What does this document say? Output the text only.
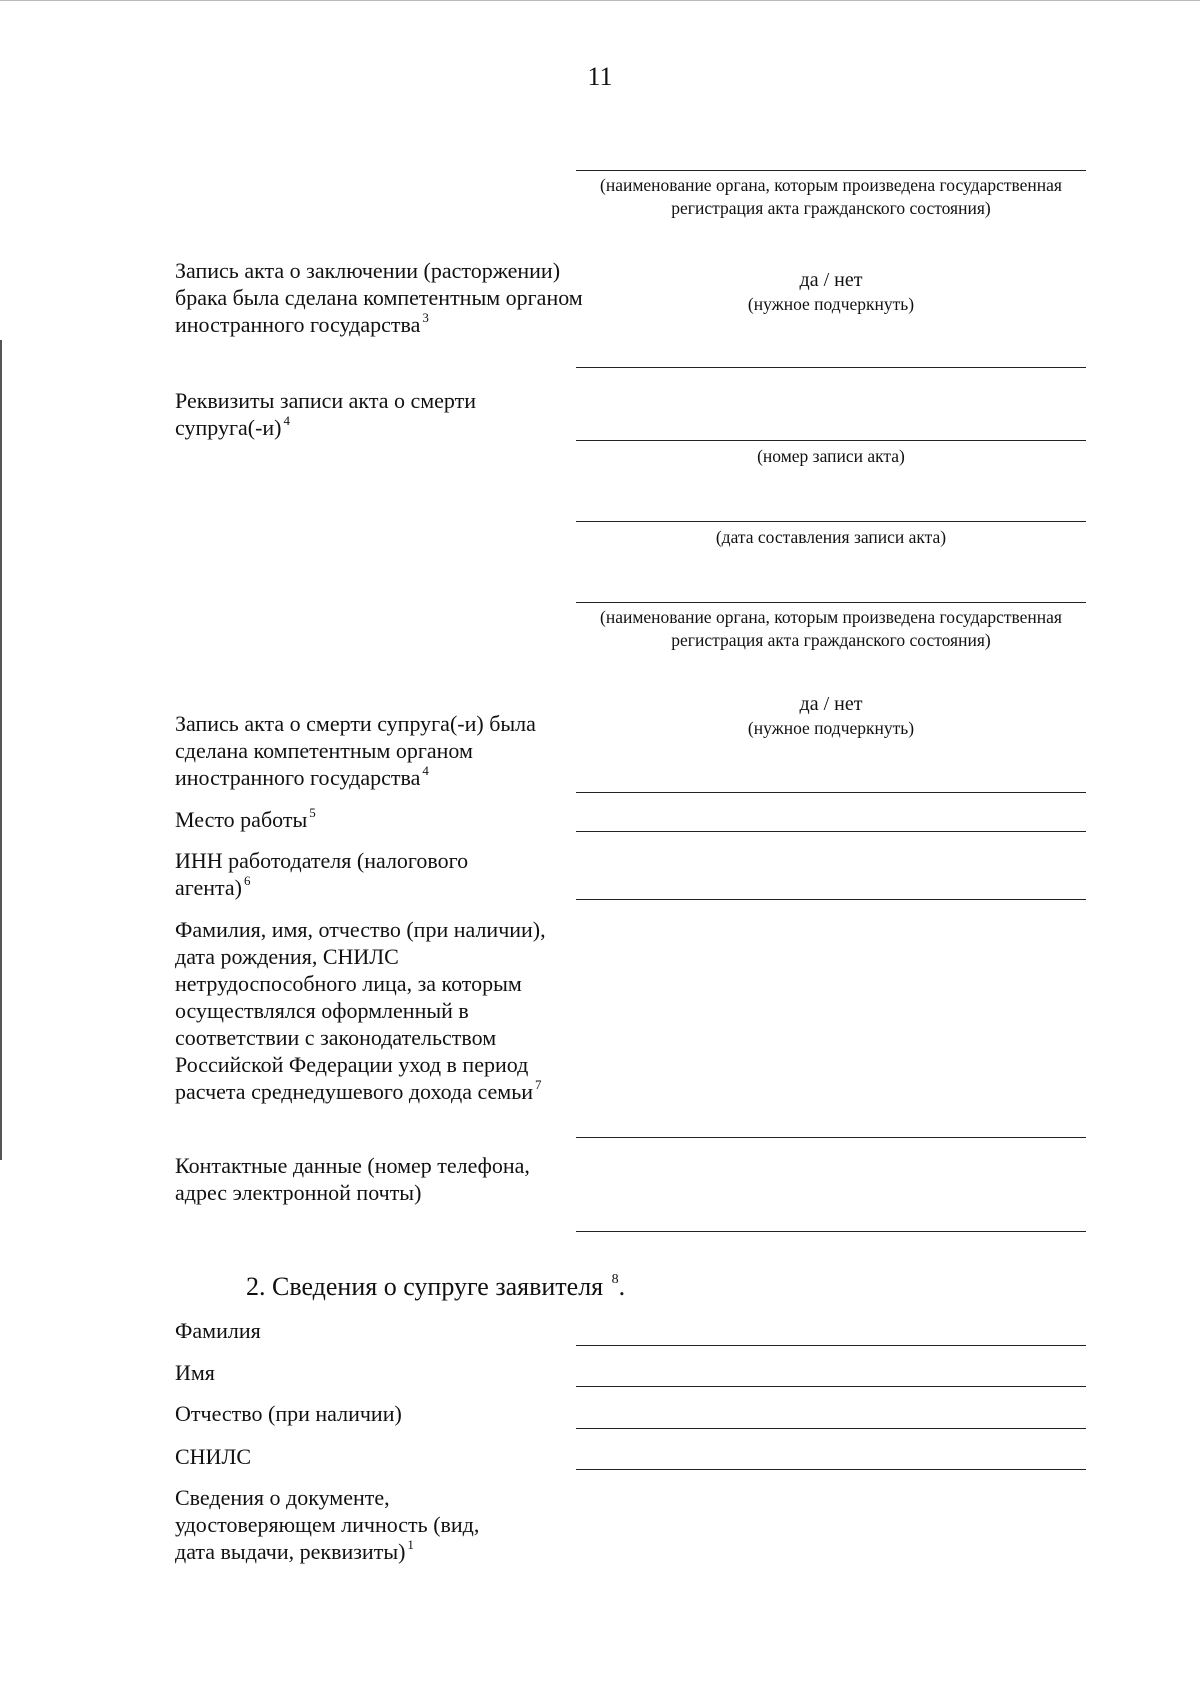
11
(наименование органа, которым произведена государственная регистрация акта гражданского состояния)
Запись акта о заключении (расторжении) брака была сделана компетентным органом иностранного государства $^3$
да / нет
(нужное подчеркнуть)
Реквизиты записи акта о смерти супруга(-и) $^4$
(номер записи акта)
(дата составления записи акта)
(наименование органа, которым произведена государственная регистрация акта гражданского состояния)
да / нет
(нужное подчеркнуть)
Запись акта о смерти супруга(-и) была сделана компетентным органом иностранного государства $^4$
Место работы $^5$
ИНН работодателя (налогового агента) $^6$
Фамилия, имя, отчество (при наличии), дата рождения, СНИЛС нетрудоспособного лица, за которым осуществлялся оформленный в соответствии с законодательством Российской Федерации уход в период расчета среднедушевого дохода семьи $^7$
Контактные данные (номер телефона, адрес электронной почты)
2. Сведения о супруге заявителя $^8$.
Фамилия
Имя
Отчество (при наличии)
СНИЛС
Сведения о документе, удостоверяющем личность (вид, дата выдачи, реквизиты) $^1$
